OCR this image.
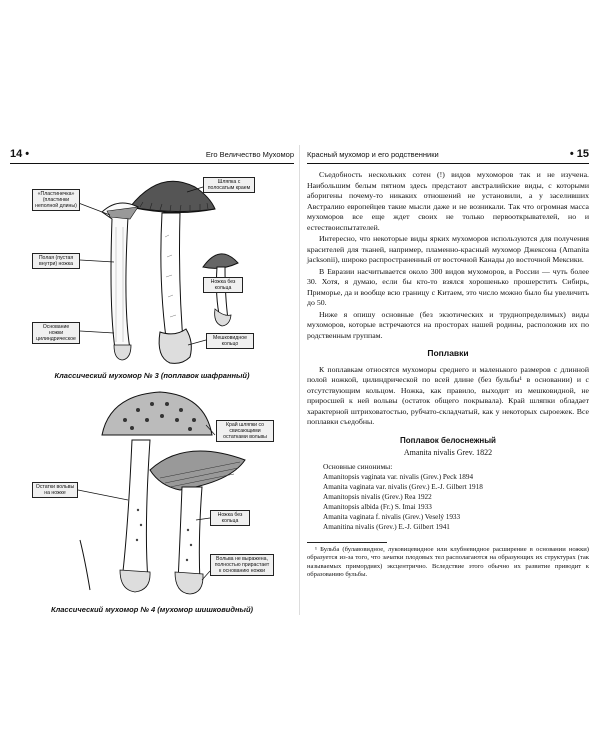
14 •	Его Величество Мухомор
«Пластинечка» (пластинки неполной длины)
Шляпка с полосатым краем
Полая (пустая внутри) ножка
Ножка без кольца
Основание ножки цилиндрическое	Мешковидное кольцо
Классический мухомор № 3 (поплавок шафранный)
Край шляпки со свисающими остатками вольвы
Остатки вольвы на ножке
Ножка без кольца
Вольва не выражена, полностью прирастает к основанию ножки
Классический мухомор № 4 (мухомор шишковидный)
Красный мухомор и его родственники	• 15

Съедобность нескольких сотен (!) видов мухоморов так и не изучена. Наибольшим белым пятном здесь предстают австралийские виды, с которыми аборигены почему-то никаких отношений не установили, а у заселивших Австралию европейцев такие мысли даже и не возникали. Так что огромная масса мухоморов все еще ждет своих не только первооткрывателей, но и естествоиспытателей.

Интересно, что некоторые виды ярких мухоморов используются для получения красителей для тканей, например, пламенно-красный мухомор Джексона (Amanita jacksonii), широко распространенный от восточной Канады до восточной Мексики.

В Евразии насчитывается около 300 видов мухоморов, в России — чуть более 30. Хотя, я думаю, если бы кто-то взялся хорошенько прошерстить Сибирь, Приморье, да и вообще всю границу с Китаем, это число можно было бы увеличить до 50.

Ниже я опишу основные (без экзотических и труднопределимых) виды мухоморов, которые встречаются на просторах нашей родины, расположив их по родственным группам.

Поплавки

К поплавкам относятся мухоморы среднего и маленького размеров с длинной полой ножкой, цилиндрической по всей длине (без бульбы¹ в основании) и с отсутствующим кольцом. Ножка, как правило, выходит из мешковидной, не приросшей к ней вольвы (остаток общего покрывала). Край шляпки обладает характерной штриховатостью, рубчато-складчатый, как у некоторых сыроежек. Все поплавки съедобны.

Поплавок белоснежный
Amanita nivalis Grev. 1822
Основные синонимы:
Amanitopsis vaginata var. nivalis (Grev.) Peck 1894
Amanita vaginata var. nivalis (Grev.) E.-J. Gilbert 1918
Amanitopsis nivalis (Grev.) Rea 1922
Amanitopsis albida (Fr.) S. Imai 1933
Amanita vaginata f. nivalis (Grev.) Veselý 1933
Amanitina nivalis (Grev.) E.-J. Gilbert 1941
¹ Бульба (булавовидное, луковицевидное или клубневидное расширение в основании ножки) образуется из-за того, что зачатки плодовых тел располагаются на образующих их структурах (так называемых примордиях) эксцентрично. Вследствие этого обычно их развитие приводит к образованию бульбы.
